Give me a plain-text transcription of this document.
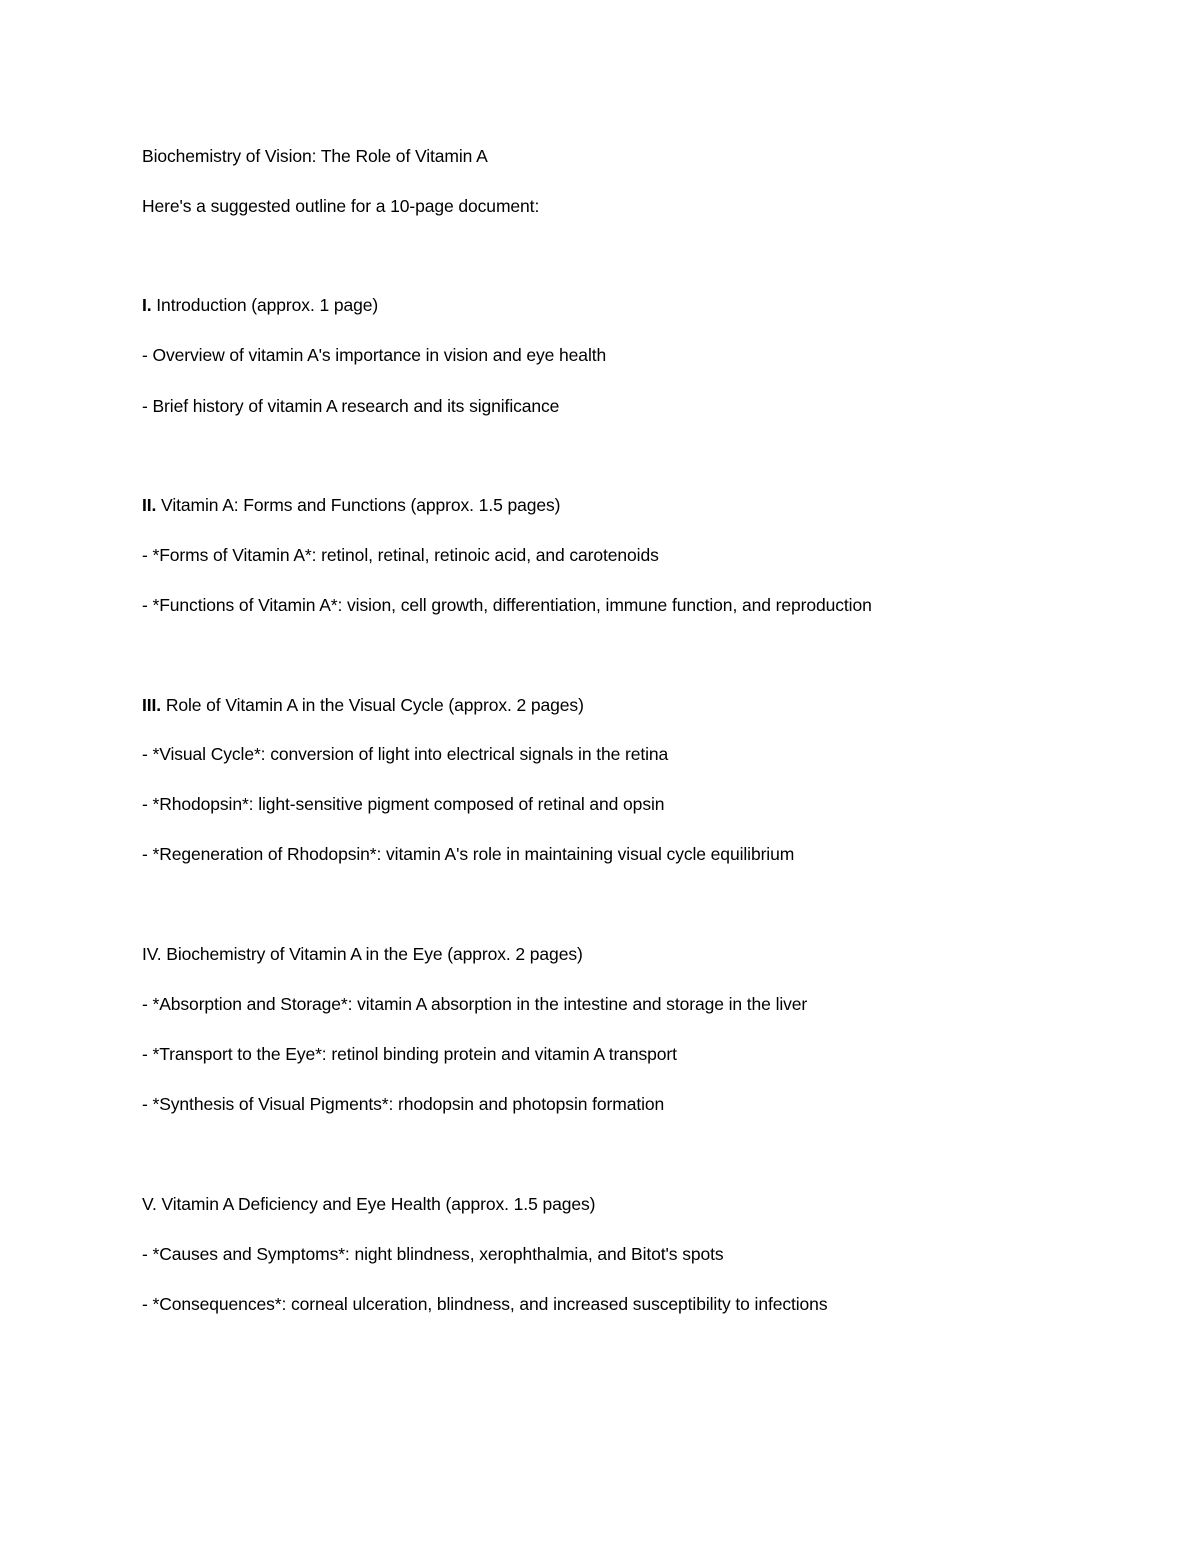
Biochemistry of Vision: The Role of Vitamin A
Here's a suggested outline for a 10-page document:
I. Introduction (approx. 1 page)
- Overview of vitamin A's importance in vision and eye health
- Brief history of vitamin A research and its significance
II. Vitamin A: Forms and Functions (approx. 1.5 pages)
- *Forms of Vitamin A*: retinol, retinal, retinoic acid, and carotenoids
- *Functions of Vitamin A*: vision, cell growth, differentiation, immune function, and reproduction
III. Role of Vitamin A in the Visual Cycle (approx. 2 pages)
- *Visual Cycle*: conversion of light into electrical signals in the retina
- *Rhodopsin*: light-sensitive pigment composed of retinal and opsin
- *Regeneration of Rhodopsin*: vitamin A's role in maintaining visual cycle equilibrium
IV. Biochemistry of Vitamin A in the Eye (approx. 2 pages)
- *Absorption and Storage*: vitamin A absorption in the intestine and storage in the liver
- *Transport to the Eye*: retinol binding protein and vitamin A transport
- *Synthesis of Visual Pigments*: rhodopsin and photopsin formation
V. Vitamin A Deficiency and Eye Health (approx. 1.5 pages)
- *Causes and Symptoms*: night blindness, xerophthalmia, and Bitot's spots
- *Consequences*: corneal ulceration, blindness, and increased susceptibility to infections
